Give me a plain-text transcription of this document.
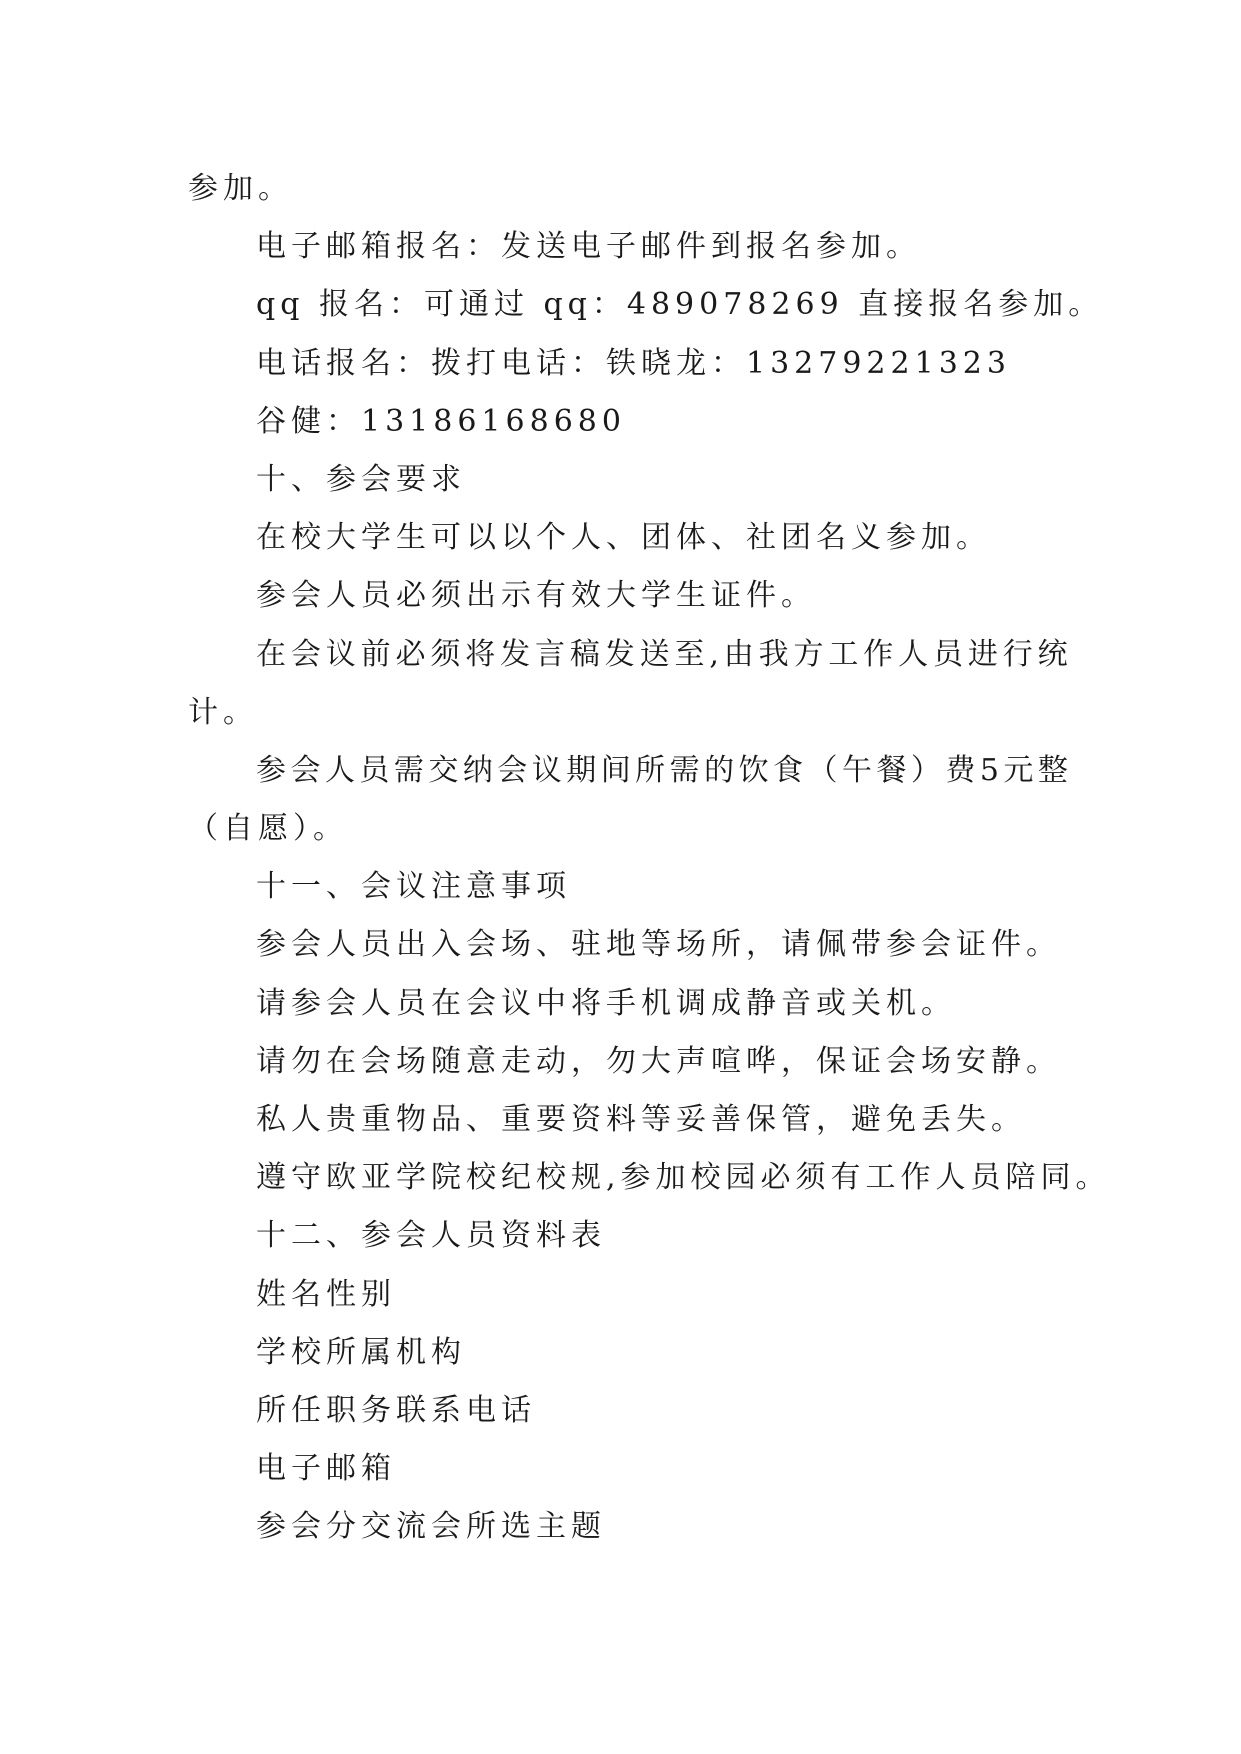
参加。
电子邮箱报名：发送电子邮件到报名参加。
qq 报名：可通过 qq：489078269 直接报名参加。
电话报名：拨打电话：铁晓龙：13279221323
谷健：13186168680
十、参会要求
在校大学生可以以个人、团体、社团名义参加。
参会人员必须出示有效大学生证件。
在 会 议 前 必 须 将 发 言 稿 发 送 至 , 由 我 方 工 作 人 员 进 行 统
计。
参 会 人 员 需 交 纳 会 议 期 间 所 需 的 饮 食 （ 午 餐 ） 费 5 元 整
（自愿）。
十一、会议注意事项
参会人员出入会场、驻地等场所，请佩带参会证件。
请参会人员在会议中将手机调成静音或关机。
请勿在会场随意走动，勿大声喧哗，保证会场安静。
私人贵重物品、重要资料等妥善保管，避免丢失。
遵守欧亚学院校纪校规,参加校园必须有工作人员陪同。
十二、参会人员资料表
姓名性别
学校所属机构
所任职务联系电话
电子邮箱
参会分交流会所选主题
